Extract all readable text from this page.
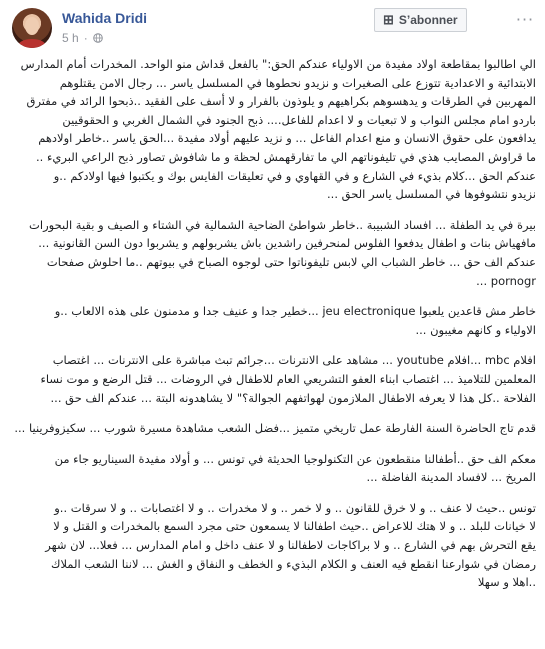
Wahida Dridi
5 h ·
⊞ S’abonner	···

الي اطالبوا بمقاطعة اولاد مفيدة من الاولياء عندكم الحق:" بالفعل قداش منو الواحد. المخدرات أمام المدارس
الابتدائية و الاعدادية تتوزع على الصغيرات و نزيدو نحطوها في المسلسل ياسر ... رجال الامن يقتلوهم
المهربين في الطرقات و يدهسوهم بكراهيهم و يلوذون بالفرار و لا أسف على الفقيد ..ذبحوا الرائد في مفترق
باردو امام مجلس النواب و لا تبعيات و لا اعدام للفاعل.... ذبح الجنود في الشمال الغربي و الحقوقيين
يدافعون على حقوق الانسان و منع اعدام الفاعل ... و نزيد عليهم أولاد مفيدة ...الحق ياسر ..خاطر اولادهم
ما قراوش المصايب هذي في تليفوناتهم الي ما تفارقهمش لحظة و ما شافوش تصاور ذبح الراعي البريء ..
عندكم الحق ...كلام بذيء في الشارع و في القهاوي و في تعليقات الفايس بوك و يكتبوا فيها اولادكم ..و
نزيدو نتشوفوها في المسلسل ياسر الحق ...

بيرة في يد الطفلة ... افساد الشبيبة ..خاطر شواطئ الضاحية الشمالية في الشتاء و الصيف و بقية البحورات
مافهياش بنات و اطفال يدفعوا الفلوس لمنحرفين راشدين باش يشربولهم و يشربوا دون السن القانونية ...
عندكم الف حق ... خاطر الشباب الي لابس تليفوناتوا حتى لوجوه الصباح في بيوتهم ..ما احلوش صفحات
pornogr ...

خاطر مش قاعدين يلعبوا jeu electronique ...خطير جدا و عنيف جدا و مدمنون على هذه الالعاب ..و
الاولياء و كانهم مغيبون ...

افلام mbc ...افلام youtube ... مشاهد على الانترنات ...جرائم تبث مباشرة على الانترنات ... اغتصاب
المعلمين للتلاميذ ... اغتصاب ابناء العفو التشريعي العام للاطفال في الروضات ... قتل الرضع و موت نساء
الفلاحة ..كل هذا لا يعرفه الاطفال الملازمون لهواتفهم الجوالة؟" لا يشاهدونه البتة ... عندكم الف حق ...

قدم تاج الحاضرة السنة الفارطة عمل تاريخي متميز ...فضل الشعب مشاهدة مسيرة شورب ... سكيزوفرينيا ...

معكم الف حق ..أطفالنا منقطعون عن التكنولوجيا الحديثة في تونس ... و أولاد مفيدة السيناريو جاء من
المريخ ... لافساد المدينة الفاضلة ...

تونس ..حيث لا عنف .. و لا خرق للقانون .. و لا خمر .. و لا مخدرات .. و لا اغتصابات .. و لا سرقات ..و
لا خيانات للبلد .. و لا هتك للاعراض ..حيث اطفالنا لا يسمعون حتى مجرد السمع بالمخدرات و القتل و لا
يقع التحرش بهم في الشارع .. و لا براكاجات لاطفالنا و لا عنف داخل و امام المدارس ... فعلا... لان شهر
رمضان في شوارعنا انقطع فيه العنف و الكلام البذيء و الخطف و النفاق و الغش ... لاننا الشعب الملاك
..اهلا و سهلا
